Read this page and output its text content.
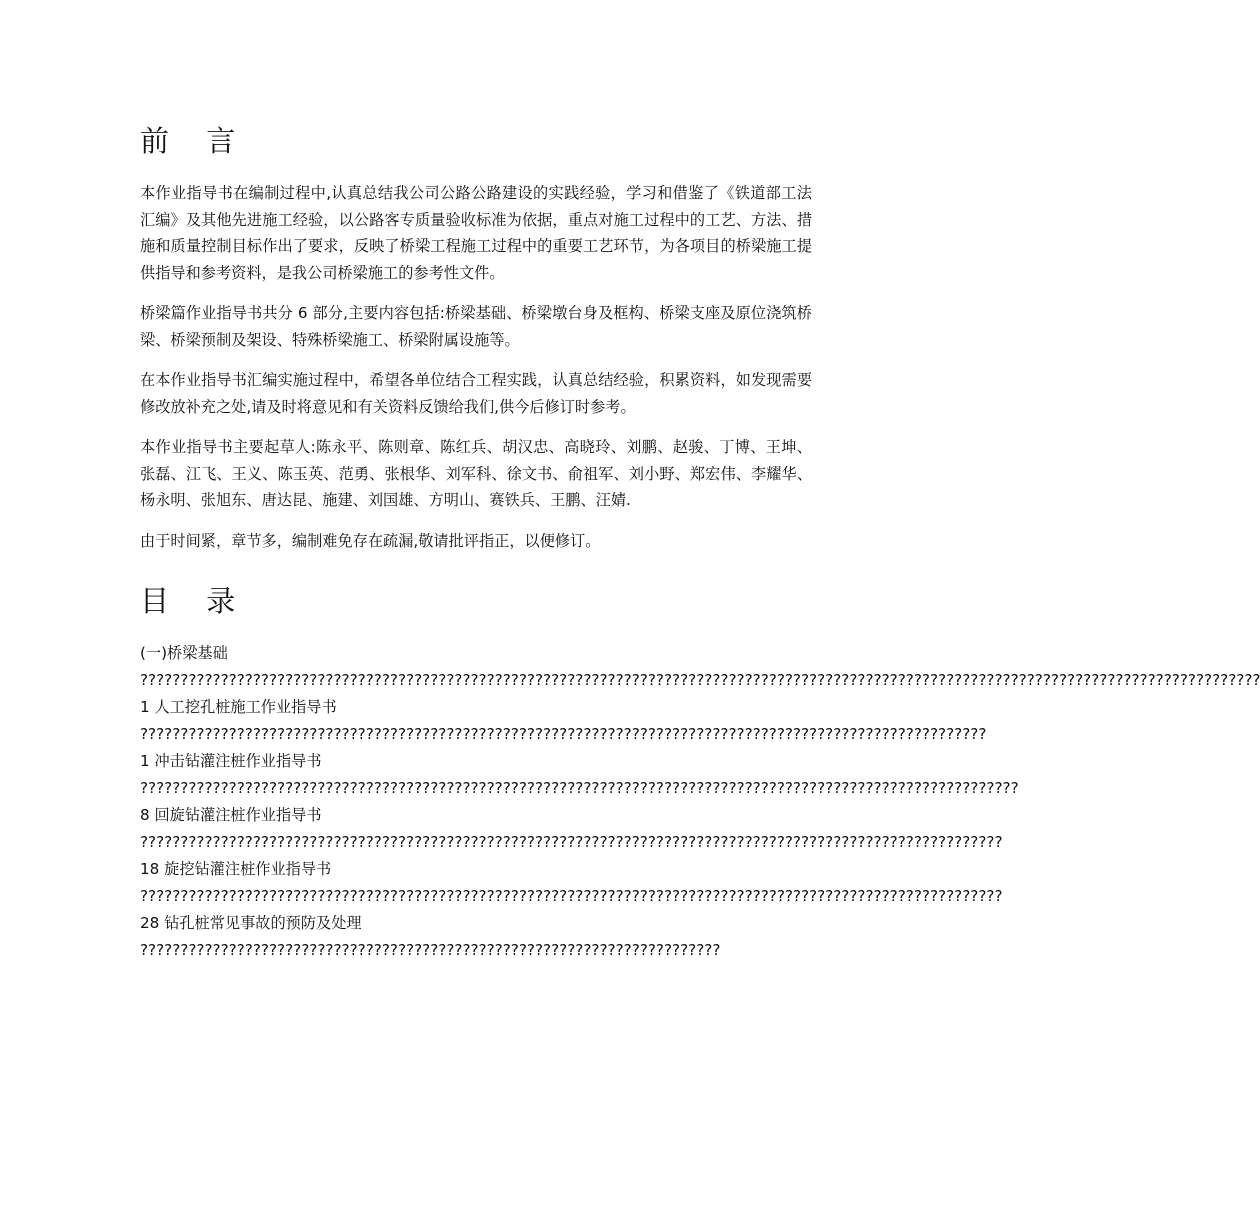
前 言

本作业指导书在编制过程中,认真总结我公司公路公路建设的实践经验，学习和借鉴了《铁道部工法汇编》及其他先进施工经验，以公路客专质量验收标准为依据，重点对施工过程中的工艺、方法、措施和质量控制目标作出了要求，反映了桥梁工程施工过程中的重要工艺环节，为各项目的桥梁施工提供指导和参考资料，是我公司桥梁施工的参考性文件。

桥梁篇作业指导书共分 6 部分,主要内容包括:桥梁基础、桥梁墩台身及框构、桥梁支座及原位浇筑桥梁、桥梁预制及架设、特殊桥梁施工、桥梁附属设施等。

在本作业指导书汇编实施过程中，希望各单位结合工程实践，认真总结经验，积累资料，如发现需要修改放补充之处,请及时将意见和有关资料反馈给我们,供今后修订时参考。

本作业指导书主要起草人:陈永平、陈则章、陈红兵、胡汉忠、高晓玲、刘鹏、赵骏、丁博、王坤、张磊、江飞、王义、陈玉英、范勇、张根华、刘军科、徐文书、俞祖军、刘小野、郑宏伟、李耀华、杨永明、张旭东、唐达昆、施建、刘国雄、方明山、赛铁兵、王鹏、汪婧.

由于时间紧，章节多，编制难免存在疏漏,敬请批评指正，以便修订。

目 录
(一)桥梁基础
??????????????????????????????????????????????????????????????????????????????????????????????????????????????????????????????????????????? 1 人工挖孔桩施工作业指导书
????????????????????????????????????????????????????????????????????????????????????????????????????????? 1 冲击钻灌注桩作业指导书
????????????????????????????????????????????????????????????????????????????????????????????????????????????? 8 回旋钻灌注桩作业指导书
??????????????????????????????????????????????????????????????????????????????????????????????????????????? 18 旋挖钻灌注桩作业指导书
??????????????????????????????????????????????????????????????????????????????????????????????????????????? 28 钻孔桩常见事故的预防及处理
????????????????????????????????????????????????????????????????????????
